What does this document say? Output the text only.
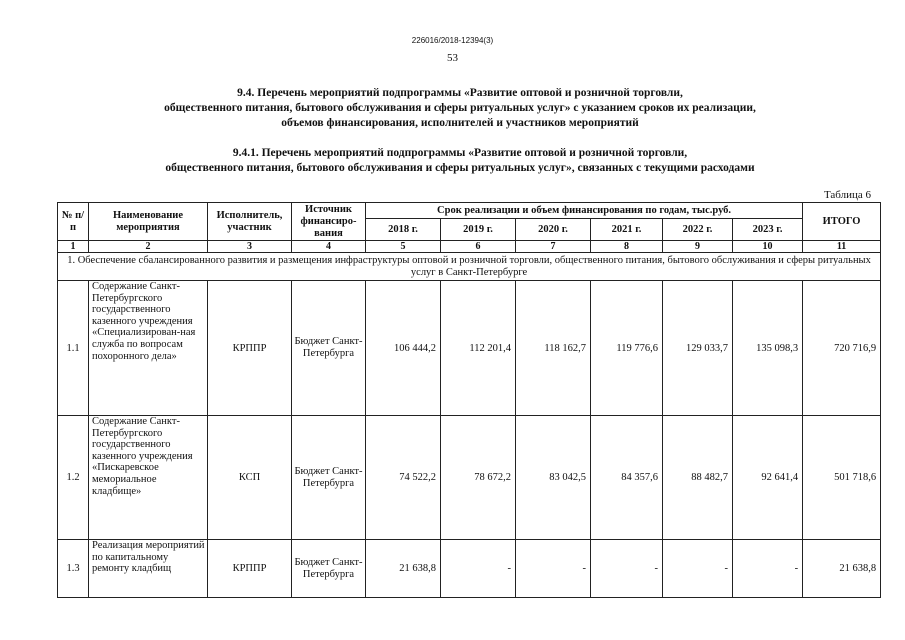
226016/2018-12394(3)
53
9.4. Перечень мероприятий подпрограммы «Развитие оптовой и розничной торговли,
общественного питания, бытового обслуживания и сферы ритуальных услуг» с указанием сроков их реализации,
объемов финансирования, исполнителей и участников мероприятий
9.4.1. Перечень мероприятий подпрограммы «Развитие оптовой и розничной торговли,
общественного питания, бытового обслуживания и сферы ритуальных услуг», связанных с текущими расходами
Таблица 6
№ п/п	Наименование мероприятия	Исполнитель, участник	Источник финансиро-вания	Срок реализации и объем финансирования по годам, тыс.руб.						ИТОГО
				2018 г.	2019 г.	2020 г.	2021 г.	2022 г.	2023 г.	
1	2	3	4	5	6	7	8	9	10	11
1. Обеспечение сбалансированного развития и размещения инфраструктуры оптовой и розничной торговли, общественного питания, бытового обслуживания и сферы ритуальных услуг в Санкт-Петербурге										
1.1	Содержание Санкт-Петербургского государственного казенного учреждения «Специализирован-ная служба по вопросам похоронного дела»	КРППР	Бюджет Санкт-Петербурга	106 444,2	112 201,4	118 162,7	119 776,6	129 033,7	135 098,3	720 716,9
1.2	Содержание Санкт-Петербургского государственного казенного учреждения «Пискаревское мемориальное кладбище»	КСП	Бюджет Санкт-Петербурга	74 522,2	78 672,2	83 042,5	84 357,6	88 482,7	92 641,4	501 718,6
1.3	Реализация мероприятий по капитальному ремонту кладбищ	КРППР	Бюджет Санкт-Петербурга	21 638,8	-	-	-	-	-	21 638,8
